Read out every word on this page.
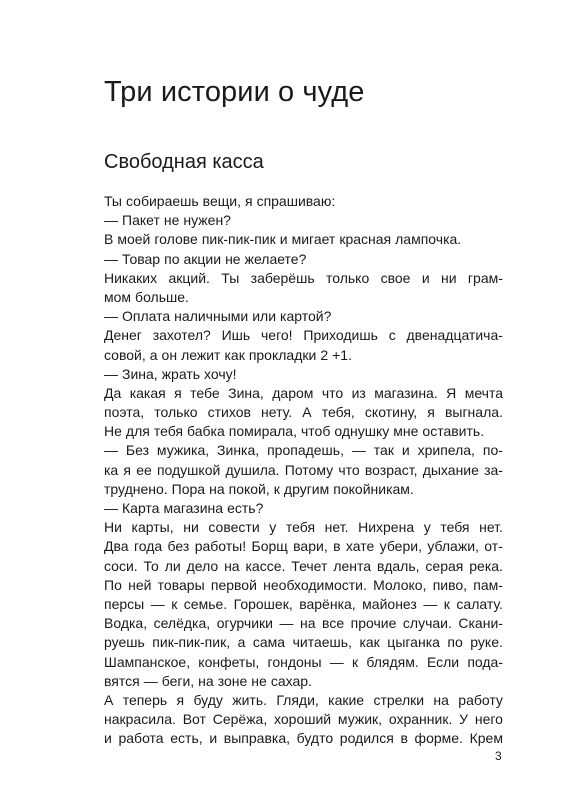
Три истории о чуде
Свободная касса
Ты собираешь вещи, я спрашиваю:
— Пакет не нужен?
В моей голове пик-пик-пик и мигает красная лампочка.
— Товар по акции не желаете?
Никаких акций. Ты заберёшь только свое и ни грам-
мом больше.
— Оплата наличными или картой?
Денег захотел? Ишь чего! Приходишь с двенадцатича-
совой, а он лежит как прокладки 2 +1.
— Зина, жрать хочу!
Да какая я тебе Зина, даром что из магазина. Я мечта
поэта, только стихов нету. А тебя, скотину, я выгнала.
Не для тебя бабка помирала, чтоб однушку мне оставить.
— Без мужика, Зинка, пропадешь, — так и хрипела, по-
ка я ее подушкой душила. Потому что возраст, дыхание за-
труднено. Пора на покой, к другим покойникам.
— Карта магазина есть?
Ни карты, ни совести у тебя нет. Нихрена у тебя нет.
Два года без работы! Борщ вари, в хате убери, ублажи, от-
соси. То ли дело на кассе. Течет лента вдаль, серая река.
По ней товары первой необходимости. Молоко, пиво, пам-
персы — к семье. Горошек, варёнка, майонез — к салату.
Водка, селёдка, огурчики — на все прочие случаи. Скани-
руешь пик-пик-пик, а сама читаешь, как цыганка по руке.
Шампанское, конфеты, гондоны — к блядям. Если пода-
вятся — беги, на зоне не сахар.
А теперь я буду жить. Гляди, какие стрелки на работу
накрасила. Вот Серёжа, хороший мужик, охранник. У него
и работа есть, и выправка, будто родился в форме. Крем
3
